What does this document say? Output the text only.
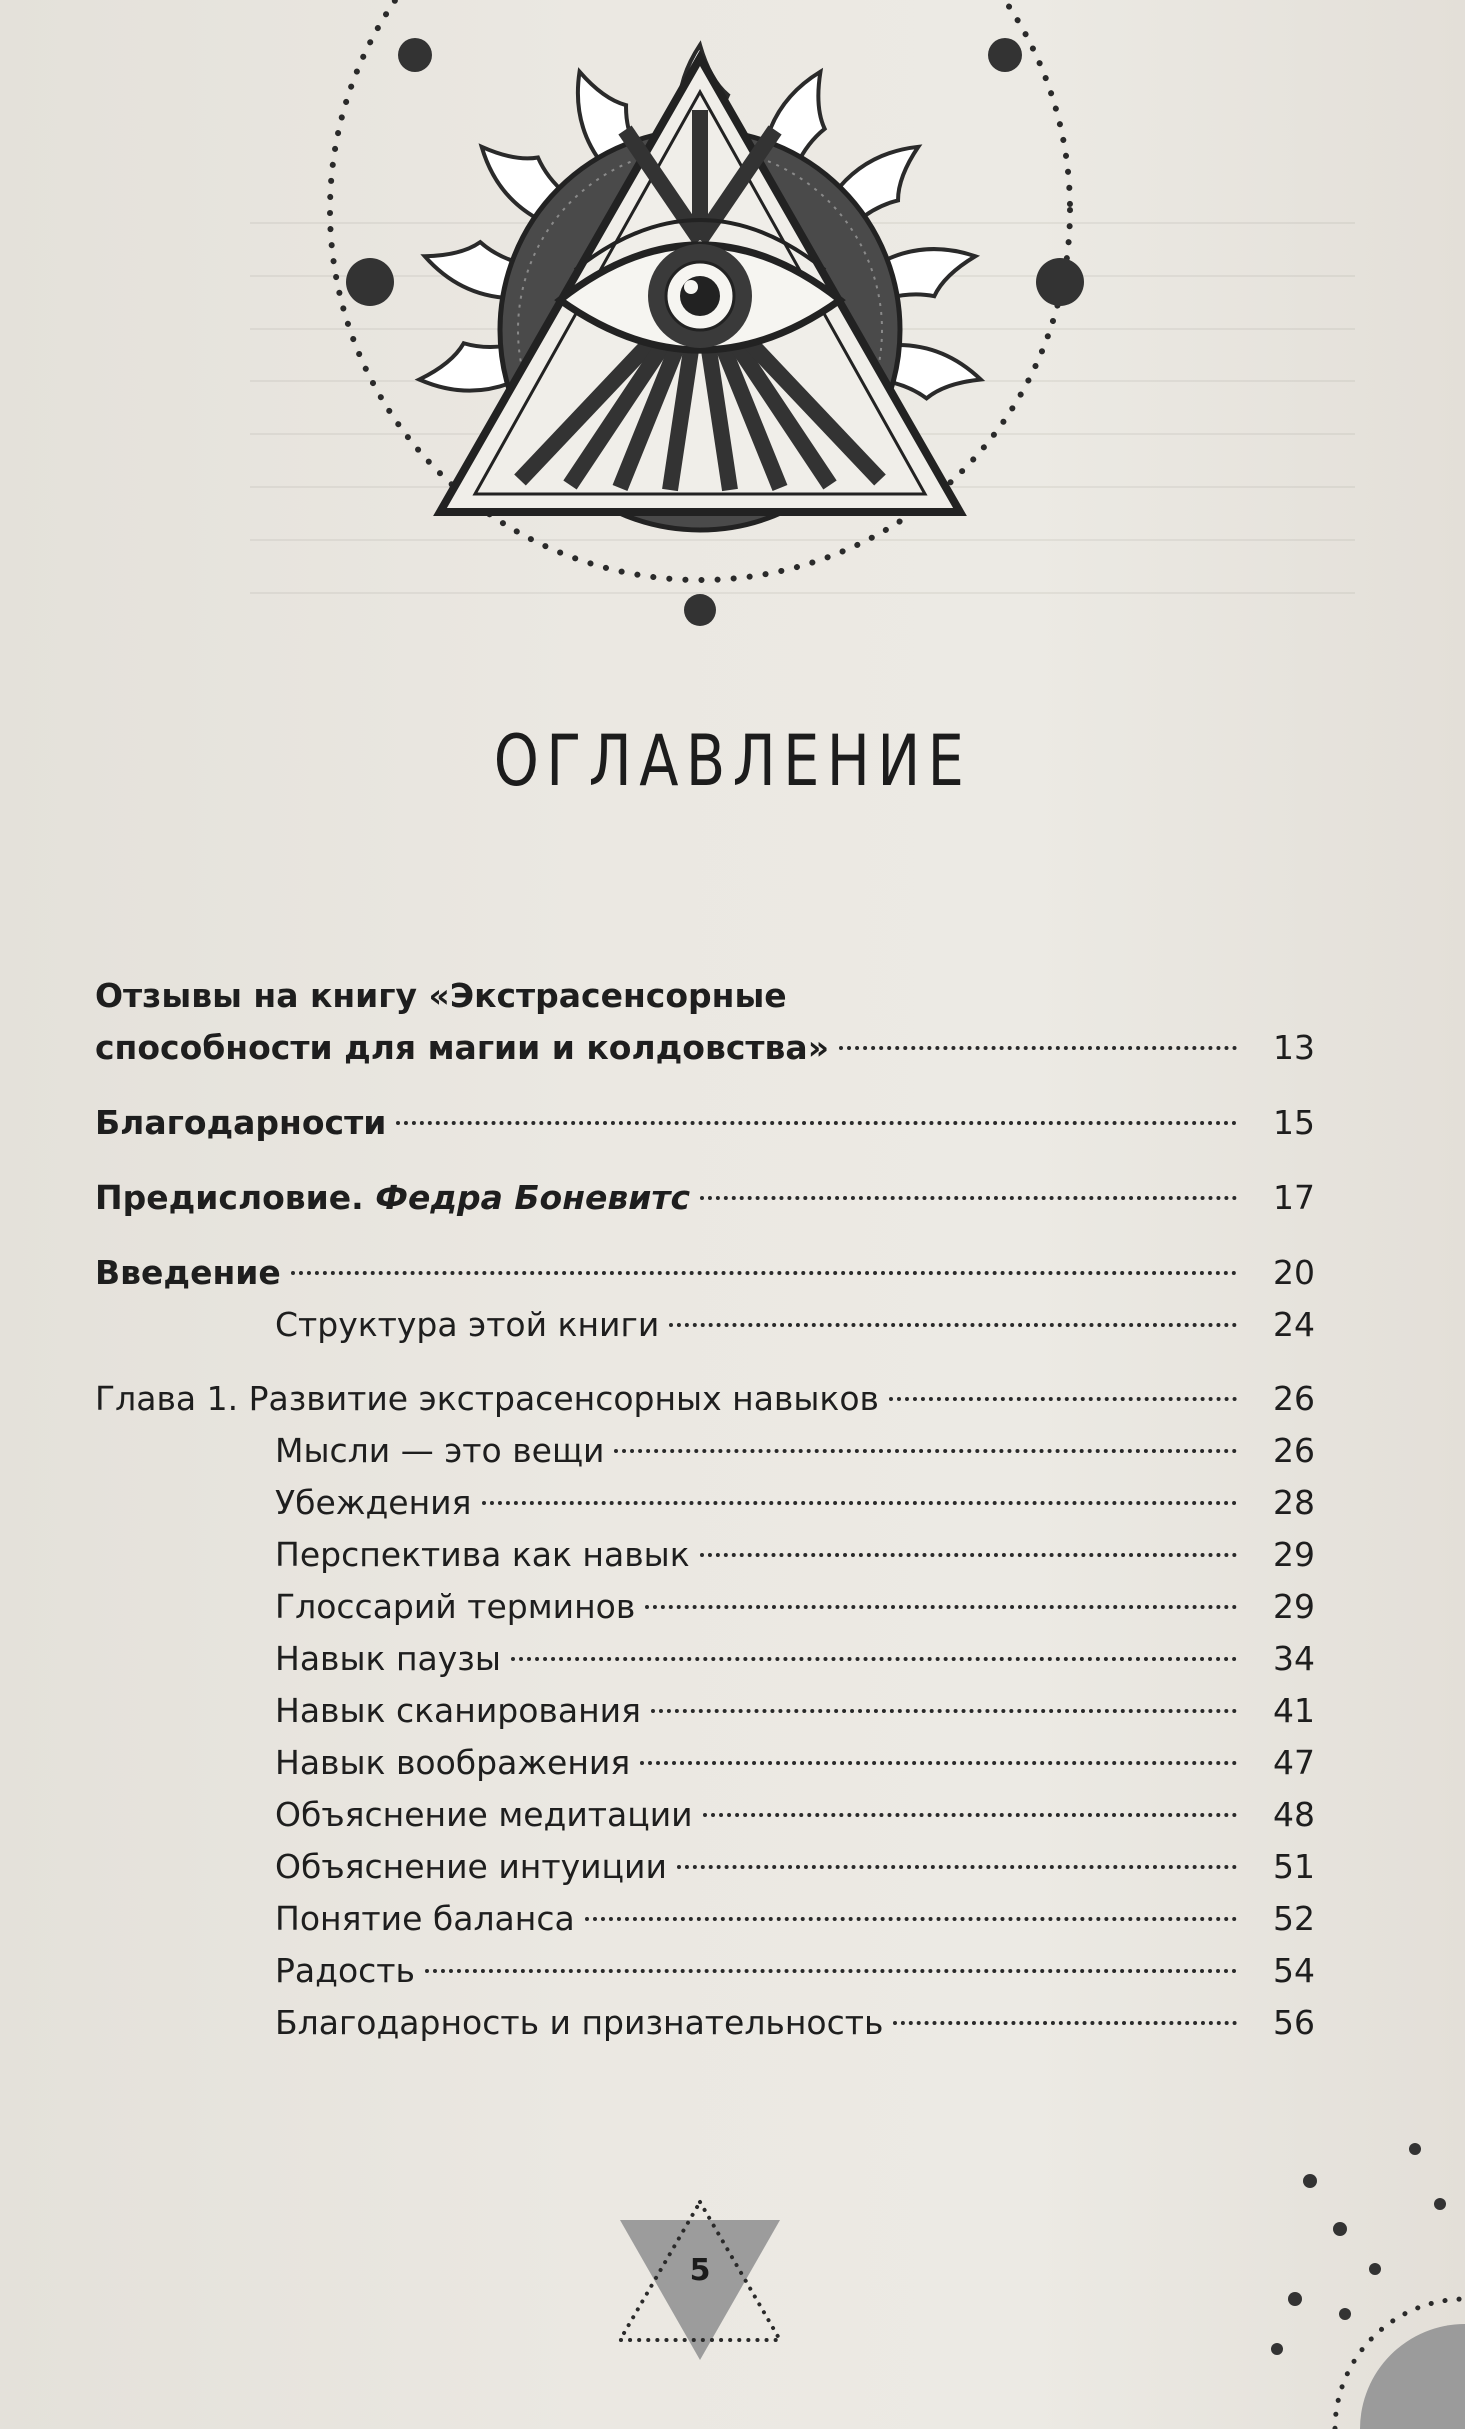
ОГЛАВЛЕНИЕ
Отзывы на книгу «Экстрасенсорные
способности для магии и колдовства»	13
Благодарности	15
Предисловие. Федра Боневитс	17
Введение	20
Структура этой книги	24
Глава 1. Развитие экстрасенсорных навыков	26
Мысли — это вещи	26
Убеждения	28
Перспектива как навык	29
Глоссарий терминов	29
Навык паузы	34
Навык сканирования	41
Навык воображения	47
Объяснение медитации	48
Объяснение интуиции	51
Понятие баланса	52
Радость	54
Благодарность и признательность	56
5
